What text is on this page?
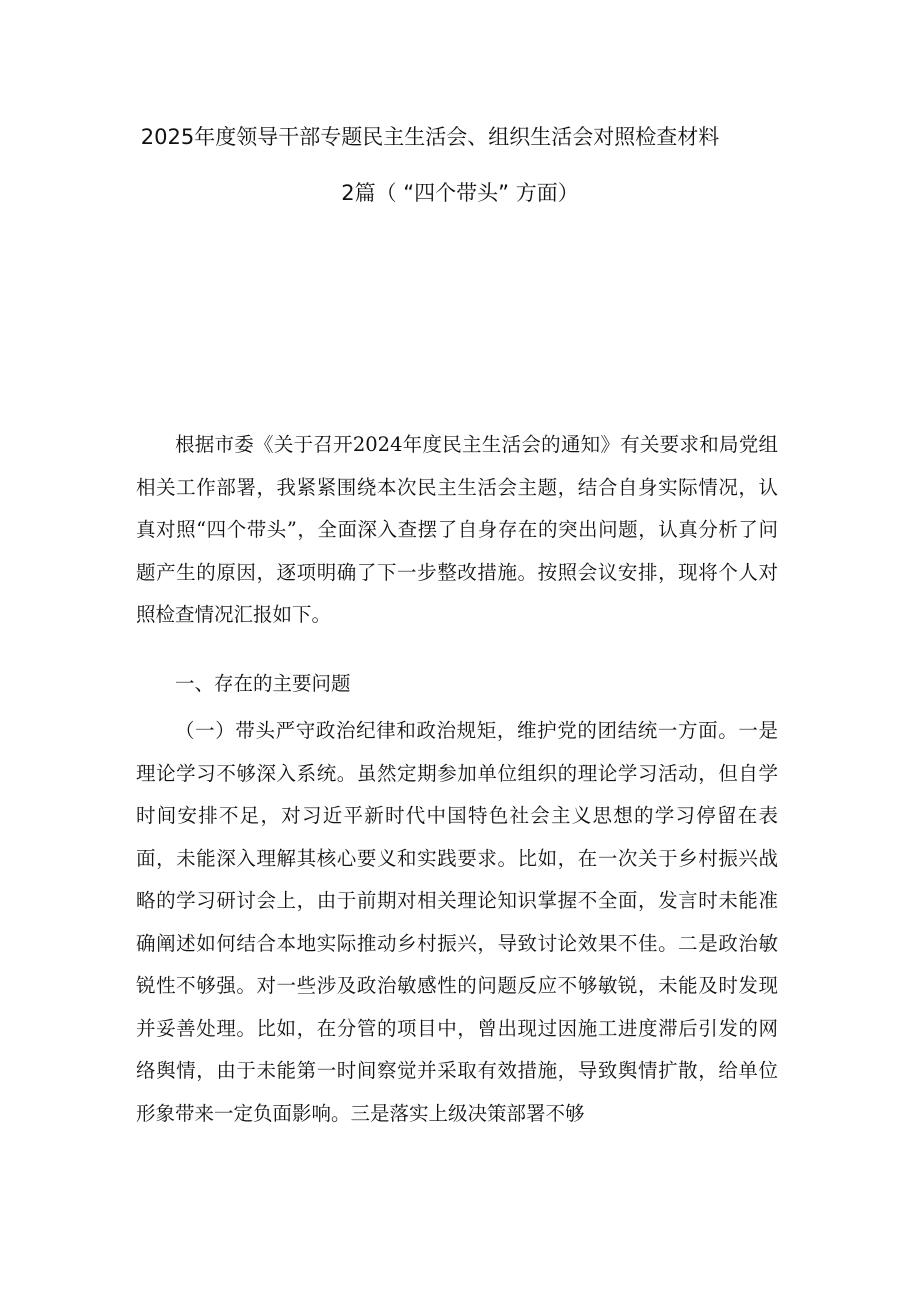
2025年度领导干部专题民主生活会、组织生活会对照检查材料
2篇（ “四个带头” 方面）

根据市委《关于召开2024年度民主生活会的通知》有关要求和局党组相关工作部署，我紧紧围绕本次民主生活会主题，结合自身实际情况，认真对照“四个带头”，全面深入查摆了自身存在的突出问题，认真分析了问题产生的原因，逐项明确了下一步整改措施。按照会议安排，现将个人对照检查情况汇报如下。

一、存在的主要问题

（一）带头严守政治纪律和政治规矩，维护党的团结统一方面。一是理论学习不够深入系统。虽然定期参加单位组织的理论学习活动，但自学时间安排不足，对习近平新时代中国特色社会主义思想的学习停留在表面，未能深入理解其核心要义和实践要求。比如，在一次关于乡村振兴战略的学习研讨会上，由于前期对相关理论知识掌握不全面，发言时未能准确阐述如何结合本地实际推动乡村振兴，导致讨论效果不佳。二是政治敏锐性不够强。对一些涉及政治敏感性的问题反应不够敏锐，未能及时发现并妥善处理。比如，在分管的项目中，曾出现过因施工进度滞后引发的网络舆情，由于未能第一时间察觉并采取有效措施，导致舆情扩散，给单位形象带来一定负面影响。三是落实上级决策部署不够
